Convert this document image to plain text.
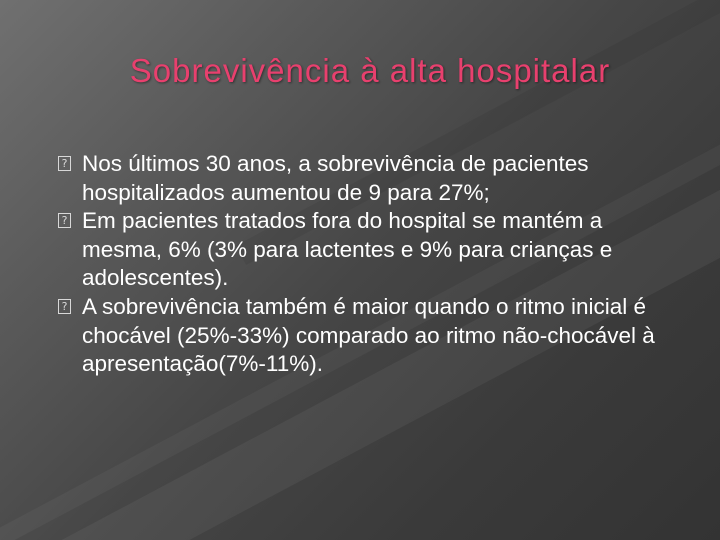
Sobrevivência à alta hospitalar
? Nos últimos 30 anos, a sobrevivência de pacientes hospitalizados aumentou de 9 para 27%;
? Em pacientes tratados fora do hospital se mantém a mesma, 6% (3% para lactentes e 9% para crianças e adolescentes).
? A sobrevivência também é maior quando o ritmo inicial é chocável (25%-33%) comparado ao ritmo não-chocável à apresentação(7%-11%).
